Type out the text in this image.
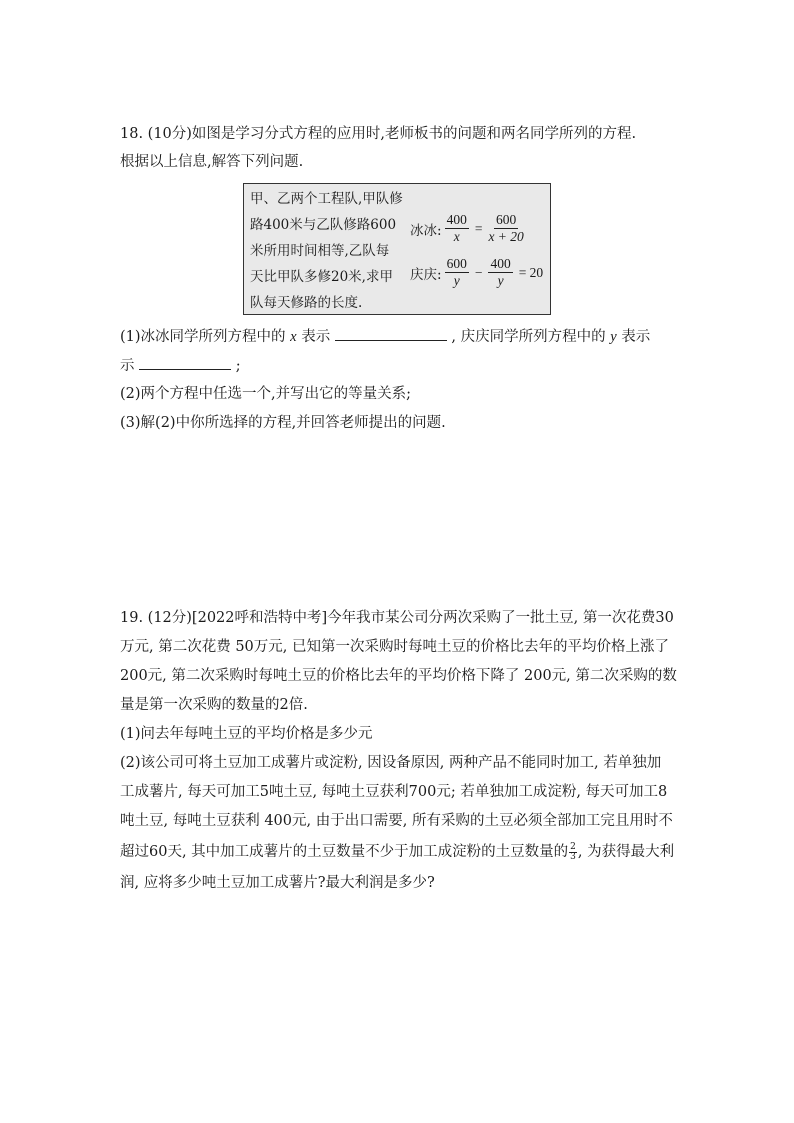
18. (10分)如图是学习分式方程的应用时,老师板书的问题和两名同学所列的方程.
根据以上信息,解答下列问题.
甲、乙两个工程队,甲队修
路400米与乙队修路600
米所用时间相等,乙队每
天比甲队多修20米,求甲
队每天修路的长度.
冰冰: $\frac{400}{x} = \frac{600}{x + 20}$
庆庆: $\frac{600}{y} - \frac{400}{y} = 20$
(1)冰冰同学所列方程中的 x 表示	, 庆庆同学所列方程中的 y 表示
示	;
(2)两个方程中任选一个,并写出它的等量关系;
(3)解(2)中你所选择的方程,并回答老师提出的问题.
19. (12分)[2022呼和浩特中考]今年我市某公司分两次采购了一批土豆, 第一次花费30
万元, 第二次花费 50万元, 已知第一次采购时每吨土豆的价格比去年的平均价格上涨了
200元, 第二次采购时每吨土豆的价格比去年的平均价格下降了 200元, 第二次采购的数
量是第一次采购的数量的2倍.
(1)问去年每吨土豆的平均价格是多少元
(2)该公司可将土豆加工成薯片或淀粉, 因设备原因, 两种产品不能同时加工, 若单独加
工成薯片, 每天可加工5吨土豆, 每吨土豆获利700元; 若单独加工成淀粉, 每天可加工8
吨土豆, 每吨土豆获利 400元, 由于出口需要, 所有采购的土豆必须全部加工完且用时不
超过60天, 其中加工成薯片的土豆数量不少于加工成淀粉的土豆数量的 $\frac{2}{3}$ , 为获得最大利
润, 应将多少吨土豆加工成薯片?最大利润是多少?
